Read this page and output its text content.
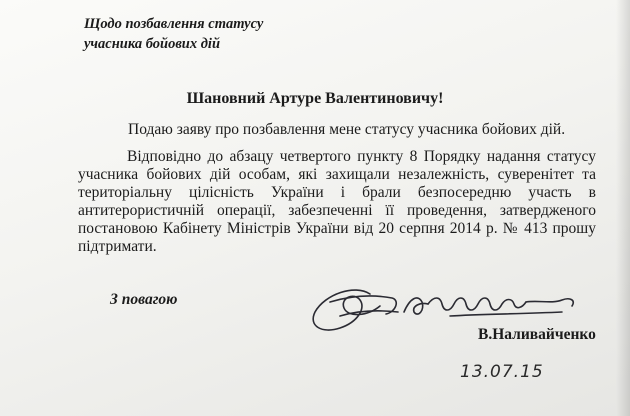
Щодо позбавлення статусу
учасника бойових дій
Шановний Артуре Валентиновичу!
Подаю заяву про позбавлення мене статусу учасника бойових дій.
Відповідно до абзацу четвертого пункту 8 Порядку надання статусу
учасника бойових дій особам, які захищали незалежність, суверенітет та
територіальну цілісність України і брали безпосередню участь в
антитерористичній операції, забезпеченні її проведення, затвердженого
постановою Кабінету Міністрів України від 20 серпня 2014 р. № 413 прошу
підтримати.
З повагою
В.Наливайченко
13.07.15
